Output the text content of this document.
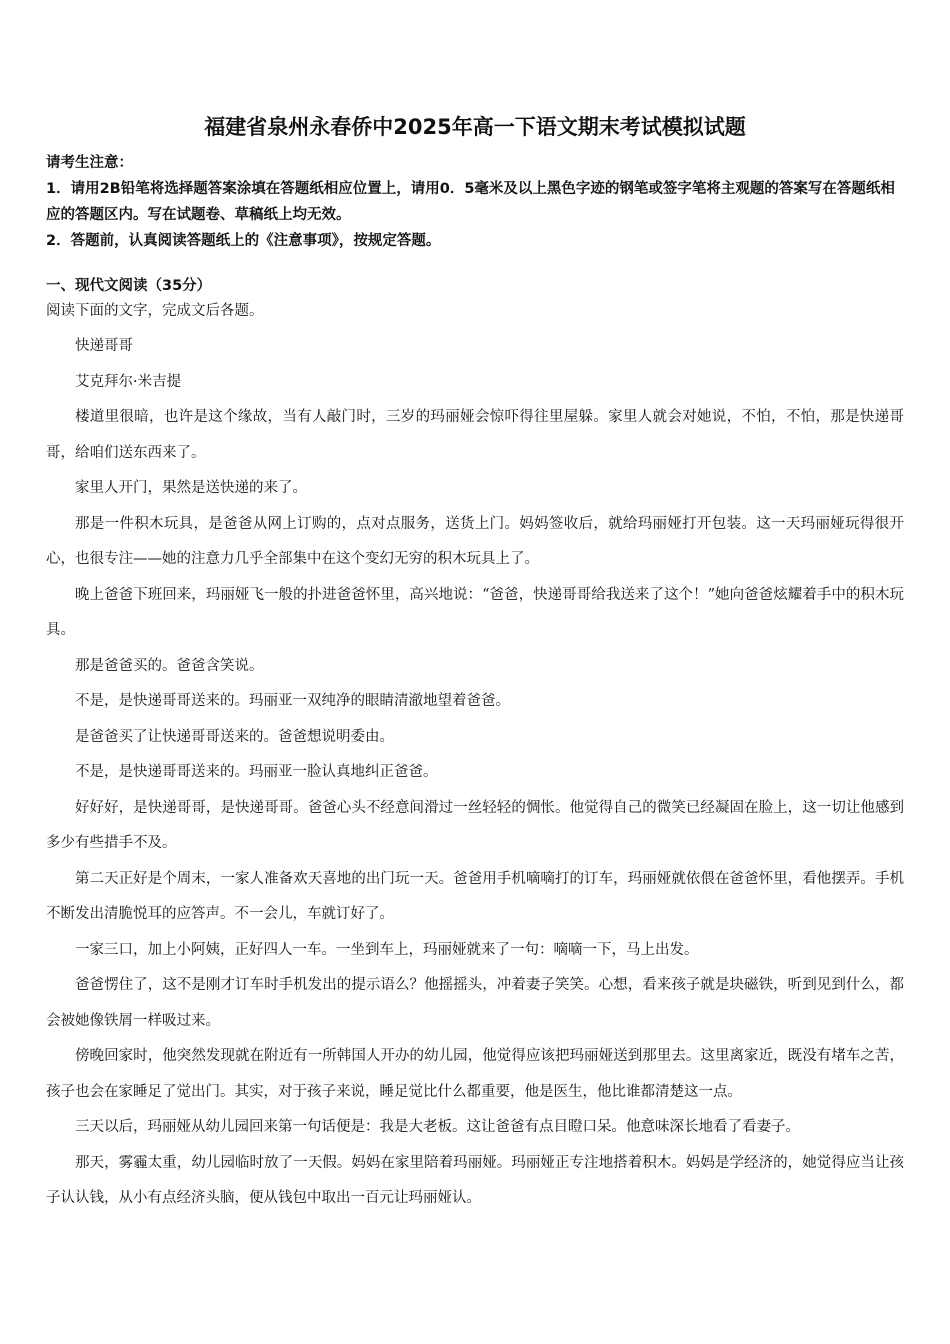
福建省泉州永春侨中2025年高一下语文期末考试模拟试题

请考生注意：

1．请用2B铅笔将选择题答案涂填在答题纸相应位置上，请用0．5毫米及以上黑色字迹的钢笔或签字笔将主观题的答案写在答题纸相应的答题区内。写在试题卷、草稿纸上均无效。

2．答题前，认真阅读答题纸上的《注意事项》，按规定答题。

一、现代文阅读（35分）
阅读下面的文字，完成文后各题。

快递哥哥

艾克拜尔·米吉提

楼道里很暗，也许是这个缘故，当有人敲门时，三岁的玛丽娅会惊吓得往里屋躲。家里人就会对她说，不怕，不怕，那是快递哥哥，给咱们送东西来了。

家里人开门，果然是送快递的来了。

那是一件积木玩具，是爸爸从网上订购的，点对点服务，送货上门。妈妈签收后，就给玛丽娅打开包装。这一天玛丽娅玩得很开心，也很专注——她的注意力几乎全部集中在这个变幻无穷的积木玩具上了。

晚上爸爸下班回来，玛丽娅飞一般的扑进爸爸怀里，高兴地说：“爸爸，快递哥哥给我送来了这个！”她向爸爸炫耀着手中的积木玩具。

那是爸爸买的。爸爸含笑说。

不是，是快递哥哥送来的。玛丽亚一双纯净的眼睛清澈地望着爸爸。

是爸爸买了让快递哥哥送来的。爸爸想说明委由。

不是，是快递哥哥送来的。玛丽亚一脸认真地纠正爸爸。

好好好，是快递哥哥，是快递哥哥。爸爸心头不经意间滑过一丝轻轻的惆怅。他觉得自己的微笑已经凝固在脸上，这一切让他感到多少有些措手不及。

第二天正好是个周末，一家人准备欢天喜地的出门玩一天。爸爸用手机嘀嘀打的订车，玛丽娅就依偎在爸爸怀里，看他摆弄。手机不断发出清脆悦耳的应答声。不一会儿，车就订好了。

一家三口，加上小阿姨，正好四人一车。一坐到车上，玛丽娅就来了一句：嘀嘀一下，马上出发。

爸爸愣住了，这不是刚才订车时手机发出的提示语么？他摇摇头，冲着妻子笑笑。心想，看来孩子就是块磁铁，听到见到什么，都会被她像铁屑一样吸过来。

傍晚回家时，他突然发现就在附近有一所韩国人开办的幼儿园，他觉得应该把玛丽娅送到那里去。这里离家近，既没有堵车之苦，孩子也会在家睡足了觉出门。其实，对于孩子来说，睡足觉比什么都重要，他是医生，他比谁都清楚这一点。

三天以后，玛丽娅从幼儿园回来第一句话便是：我是大老板。这让爸爸有点目瞪口呆。他意味深长地看了看妻子。

那天，雾霾太重，幼儿园临时放了一天假。妈妈在家里陪着玛丽娅。玛丽娅正专注地搭着积木。妈妈是学经济的，她觉得应当让孩子认认钱，从小有点经济头脑，便从钱包中取出一百元让玛丽娅认。
